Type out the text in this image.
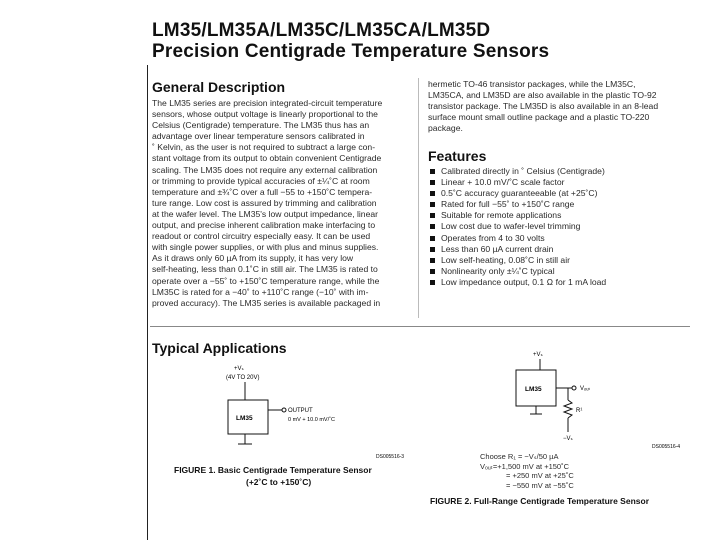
LM35/LM35A/LM35C/LM35CA/LM35D
Precision Centigrade Temperature Sensors
General Description
The LM35 series are precision integrated-circuit temperature
sensors, whose output voltage is linearly proportional to the
Celsius (Centigrade) temperature. The LM35 thus has an
advantage over linear temperature sensors calibrated in
˚ Kelvin, as the user is not required to subtract a large con-
stant voltage from its output to obtain convenient Centigrade
scaling. The LM35 does not require any external calibration
or trimming to provide typical accuracies of ±¼˚C at room
temperature and ±¾˚C over a full −55 to +150˚C tempera-
ture range. Low cost is assured by trimming and calibration
at the wafer level. The LM35's low output impedance, linear
output, and precise inherent calibration make interfacing to
readout or control circuitry especially easy. It can be used
with single power supplies, or with plus and minus supplies.
As it draws only 60 µA from its supply, it has very low
self-heating, less than 0.1˚C in still air. The LM35 is rated to
operate over a −55˚ to +150˚C temperature range, while the
LM35C is rated for a −40˚ to +110˚C range (−10˚ with im-
proved accuracy). The LM35 series is available packaged in
hermetic TO-46 transistor packages, while the LM35C,
LM35CA, and LM35D are also available in the plastic TO-92
transistor package. The LM35D is also available in an 8-lead
surface mount small outline package and a plastic TO-220
package.
Features
Calibrated directly in ˚ Celsius (Centigrade)
Linear + 10.0 mV/˚C scale factor
0.5˚C accuracy guaranteeable (at +25˚C)
Rated for full −55˚ to +150˚C range
Suitable for remote applications
Low cost due to wafer-level trimming
Operates from 4 to 30 volts
Less than 60 µA current drain
Low self-heating, 0.08˚C in still air
Nonlinearity only ±¼˚C typical
Low impedance output, 0.1 Ω for 1 mA load
Typical Applications
+Vₛ
(4V TO 20V)
LM35
OUTPUT
0 mV + 10.0 mV/˚C
DS005516-3
FIGURE 1. Basic Centigrade Temperature Sensor
(+2˚C to +150˚C)
+Vₛ
LM35	Vₒᵤₜ
R¹
−Vₛ
DS005516-4
Choose R₁ = −Vₛ/50 µA
Vₒᵤₜ=+1,500 mV at +150˚C
= +250 mV at +25˚C
= −550 mV at −55˚C
FIGURE 2. Full-Range Centigrade Temperature Sensor
